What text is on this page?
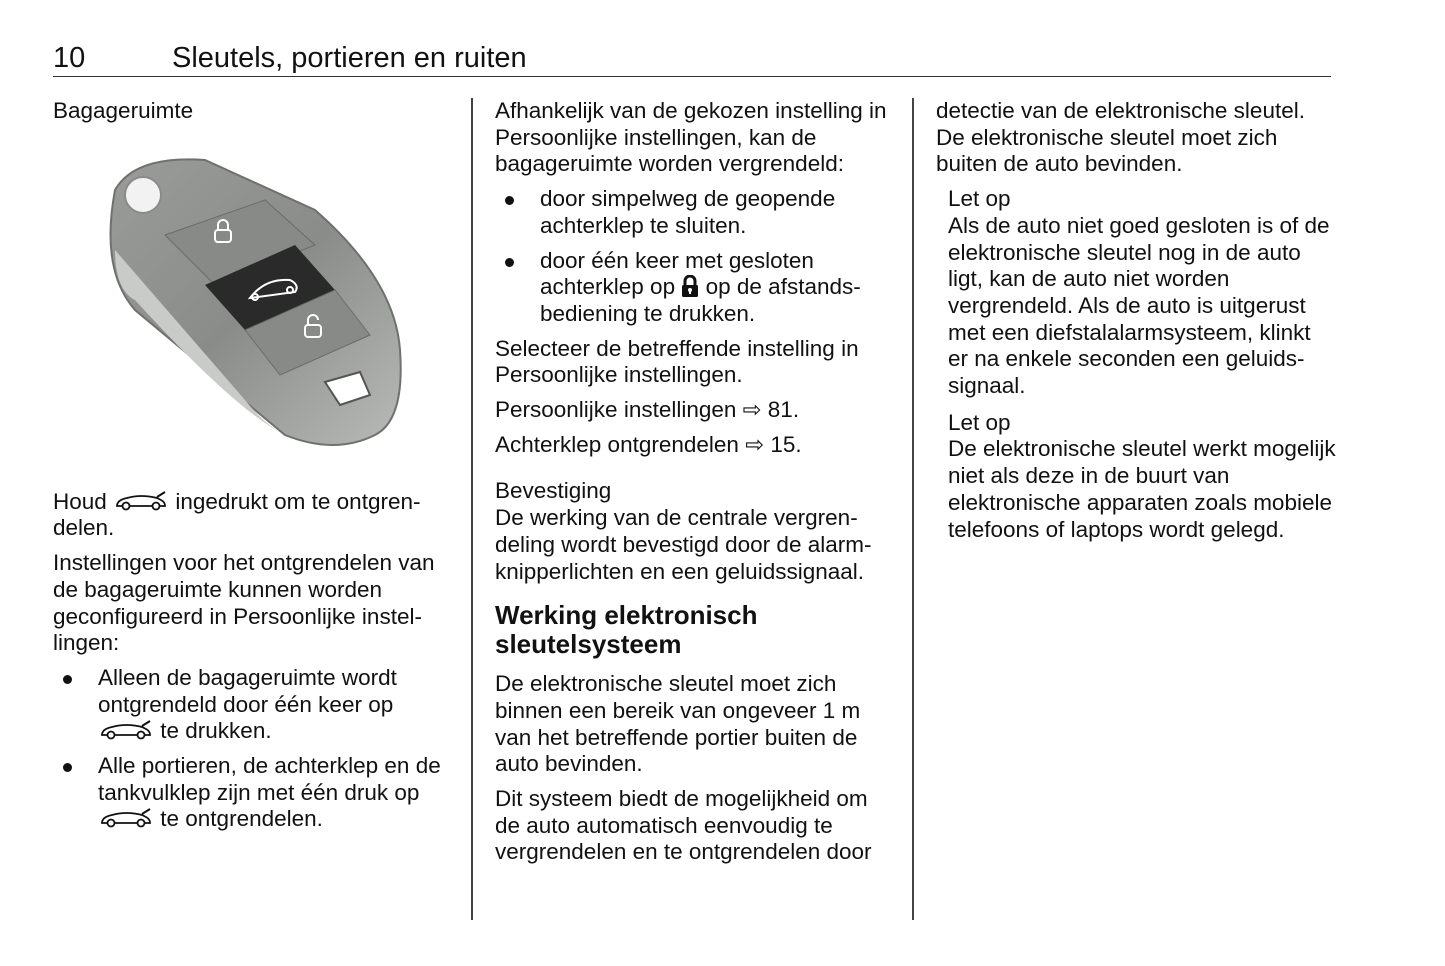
10	Sleutels, portieren en ruiten

Bagageruimte

Houd	ingedrukt om te ontgren-delen.

Instellingen voor het ontgrendelen van de bagageruimte kunnen worden geconfigureerd in Persoonlijke instel-lingen:

Alleen de bagageruimte wordt ontgrendeld door één keer op  te drukken.
Alle portieren, de achterklep en de tankvulklep zijn met één druk op  te ontgrendelen.

Afhankelijk van de gekozen instelling in Persoonlijke instellingen, kan de bagageruimte worden vergrendeld:

door simpelweg de geopende achterklep te sluiten.
door één keer met gesloten achterklep op op de afstands-bediening te drukken.

Selecteer de betreffende instelling in Persoonlijke instellingen.

Persoonlijke instellingen ⇨ 81.

Achterklep ontgrendelen ⇨ 15.

Bevestiging

De werking van de centrale vergren-deling wordt bevestigd door de alarm-knipperlichten en een geluidssignaal.

Werking elektronisch sleutelsysteem

De elektronische sleutel moet zich binnen een bereik van ongeveer 1 m van het betreffende portier buiten de auto bevinden.

Dit systeem biedt de mogelijkheid om de auto automatisch eenvoudig te vergrendelen en te ontgrendelen door

detectie van de elektronische sleutel. De elektronische sleutel moet zich buiten de auto bevinden.

Let op
Als de auto niet goed gesloten is of de elektronische sleutel nog in de auto ligt, kan de auto niet worden vergrendeld. Als de auto is uitgerust met een diefstalalarmsysteem, klinkt er na enkele seconden een geluids-signaal.
Let op
De elektronische sleutel werkt mogelijk niet als deze in de buurt van elektronische apparaten zoals mobiele telefoons of laptops wordt gelegd.
